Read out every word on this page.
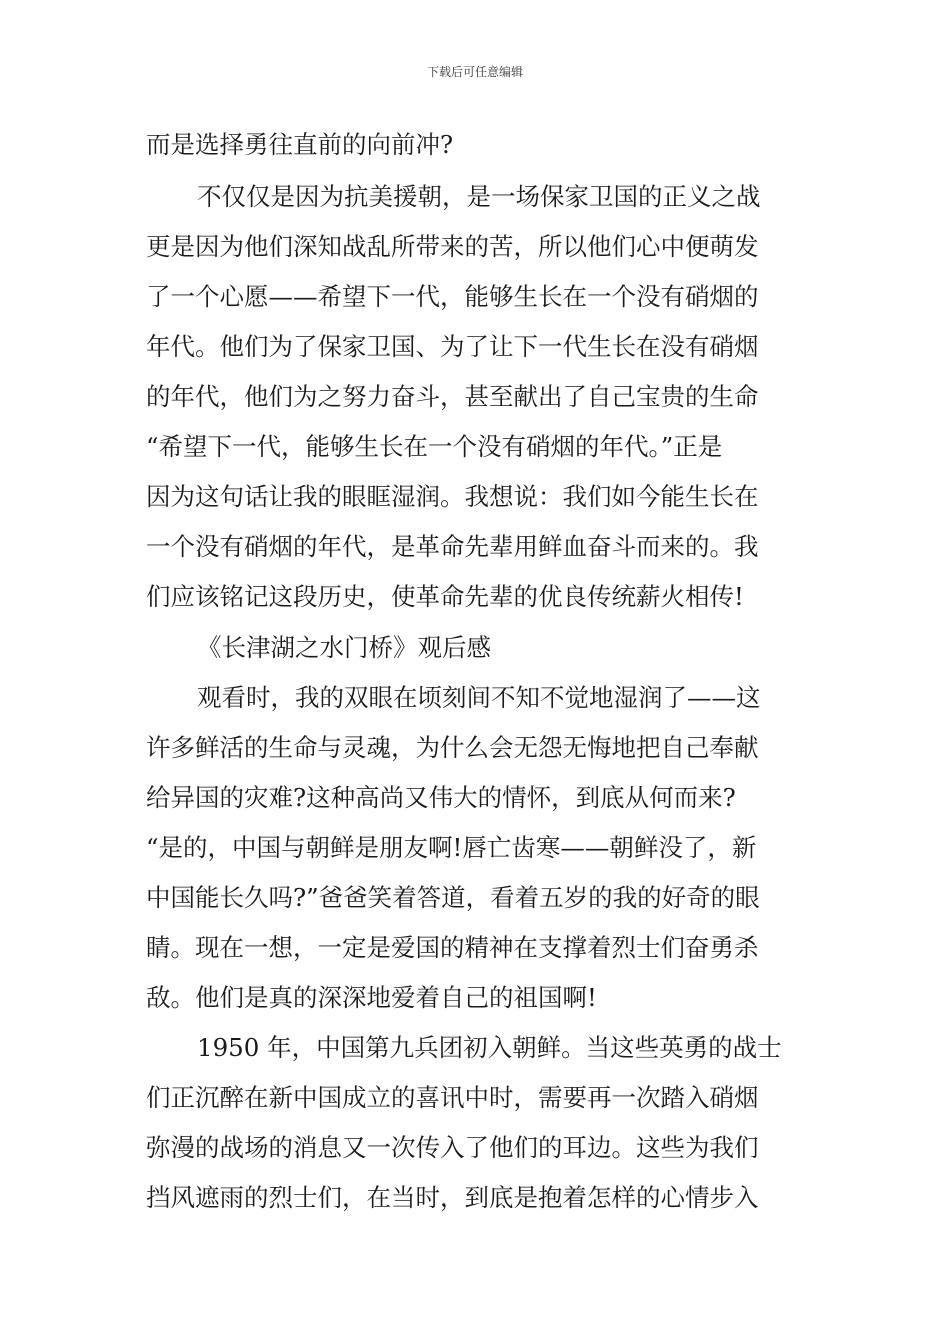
下载后可任意编辑
而是选择勇往直前的向前冲?
不仅仅是因为抗美援朝，是一场保家卫国的正义之战
更是因为他们深知战乱所带来的苦，所以他们心中便萌发
了一个心愿——希望下一代，能够生长在一个没有硝烟的
年代。他们为了保家卫国、为了让下一代生长在没有硝烟
的年代，他们为之努力奋斗，甚至献出了自己宝贵的生命
“希望下一代，能够生长在一个没有硝烟的年代。”正是
因为这句话让我的眼眶湿润。我想说：我们如今能生长在
一个没有硝烟的年代，是革命先辈用鲜血奋斗而来的。我
们应该铭记这段历史，使革命先辈的优良传统薪火相传!
《长津湖之水门桥》观后感
观看时，我的双眼在顷刻间不知不觉地湿润了——这
许多鲜活的生命与灵魂，为什么会无怨无悔地把自己奉献
给异国的灾难?这种高尚又伟大的情怀，到底从何而来?
“是的，中国与朝鲜是朋友啊!唇亡齿寒——朝鲜没了，新
中国能长久吗?”爸爸笑着答道，看着五岁的我的好奇的眼
睛。现在一想，一定是爱国的精神在支撑着烈士们奋勇杀
敌。他们是真的深深地爱着自己的祖国啊!
1950 年，中国第九兵团初入朝鲜。当这些英勇的战士
们正沉醉在新中国成立的喜讯中时，需要再一次踏入硝烟
弥漫的战场的消息又一次传入了他们的耳边。这些为我们
挡风遮雨的烈士们，在当时，到底是抱着怎样的心情步入
